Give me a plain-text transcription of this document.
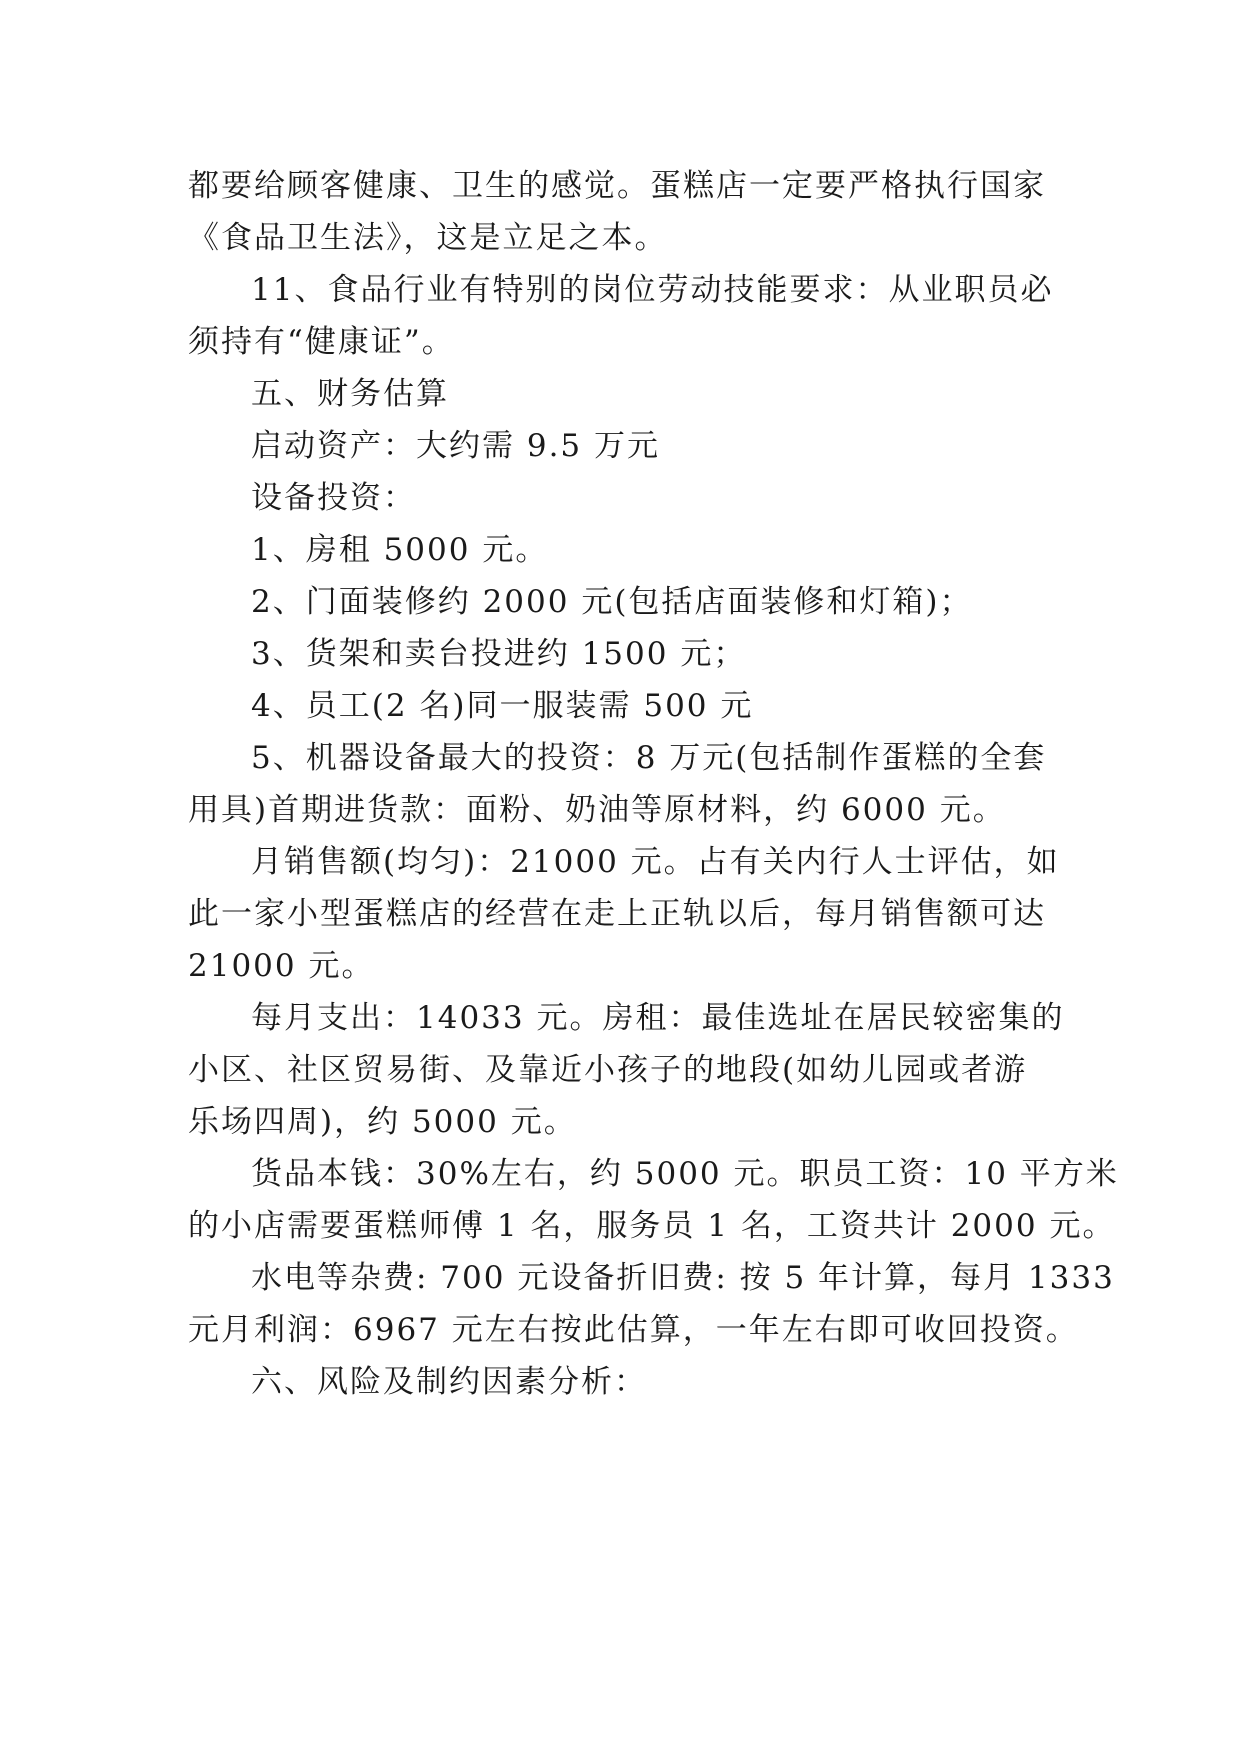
都要给顾客健康、卫生的感觉。蛋糕店一定要严格执行国家
《食品卫生法》，这是立足之本。
11、食品行业有特别的岗位劳动技能要求：从业职员必
须持有“健康证”。
五、财务估算
启动资产：大约需 9.5 万元
设备投资：
1、房租 5000 元。
2、门面装修约 2000 元(包括店面装修和灯箱)；
3、货架和卖台投进约 1500 元；
4、员工(2 名)同一服装需 500 元
5、机器设备最大的投资：8 万元(包括制作蛋糕的全套
用具)首期进货款：面粉、奶油等原材料，约 6000 元。
月销售额(均匀)：21000 元。占有关内行人士评估，如
此一家小型蛋糕店的经营在走上正轨以后，每月销售额可达
21000 元。
每月支出：14033 元。房租：最佳选址在居民较密集的
小区、社区贸易街、及靠近小孩子的地段(如幼儿园或者游
乐场四周)，约 5000 元。
货品本钱：30%左右，约 5000 元。职员工资：10 平方米
的小店需要蛋糕师傅 1 名，服务员 1 名，工资共计 2000 元。
水电等杂费: 700 元设备折旧费: 按 5 年计算，每月 1333
元月利润：6967 元左右按此估算，一年左右即可收回投资。
六、风险及制约因素分析：
